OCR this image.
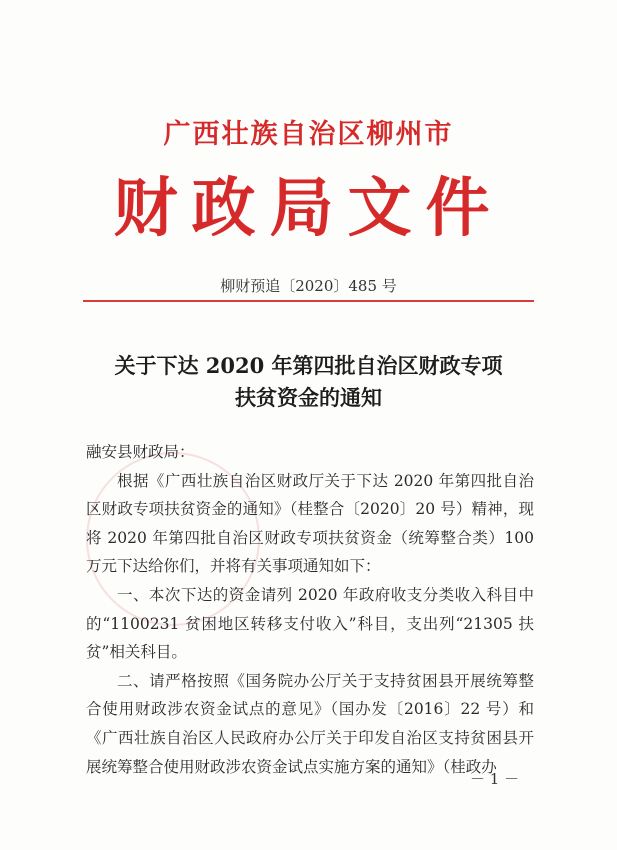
广西壮族自治区柳州市
财政局文件
柳财预追〔2020〕485 号
关于下达 2020 年第四批自治区财政专项
扶贫资金的通知

融安县财政局：

根据《广西壮族自治区财政厅关于下达 2020 年第四批自治区财政专项扶贫资金的通知》（桂整合〔2020〕20 号）精神，现将 2020 年第四批自治区财政专项扶贫资金（统筹整合类）100 万元下达给你们，并将有关事项通知如下：

一、本次下达的资金请列 2020 年政府收支分类收入科目中的“1100231 贫困地区转移支付收入”科目，支出列“21305 扶贫”相关科目。

二、请严格按照《国务院办公厅关于支持贫困县开展统筹整合使用财政涉农资金试点的意见》（国办发〔2016〕22 号）和《广西壮族自治区人民政府办公厅关于印发自治区支持贫困县开展统筹整合使用财政涉农资金试点实施方案的通知》（桂政办

－ 1 －
